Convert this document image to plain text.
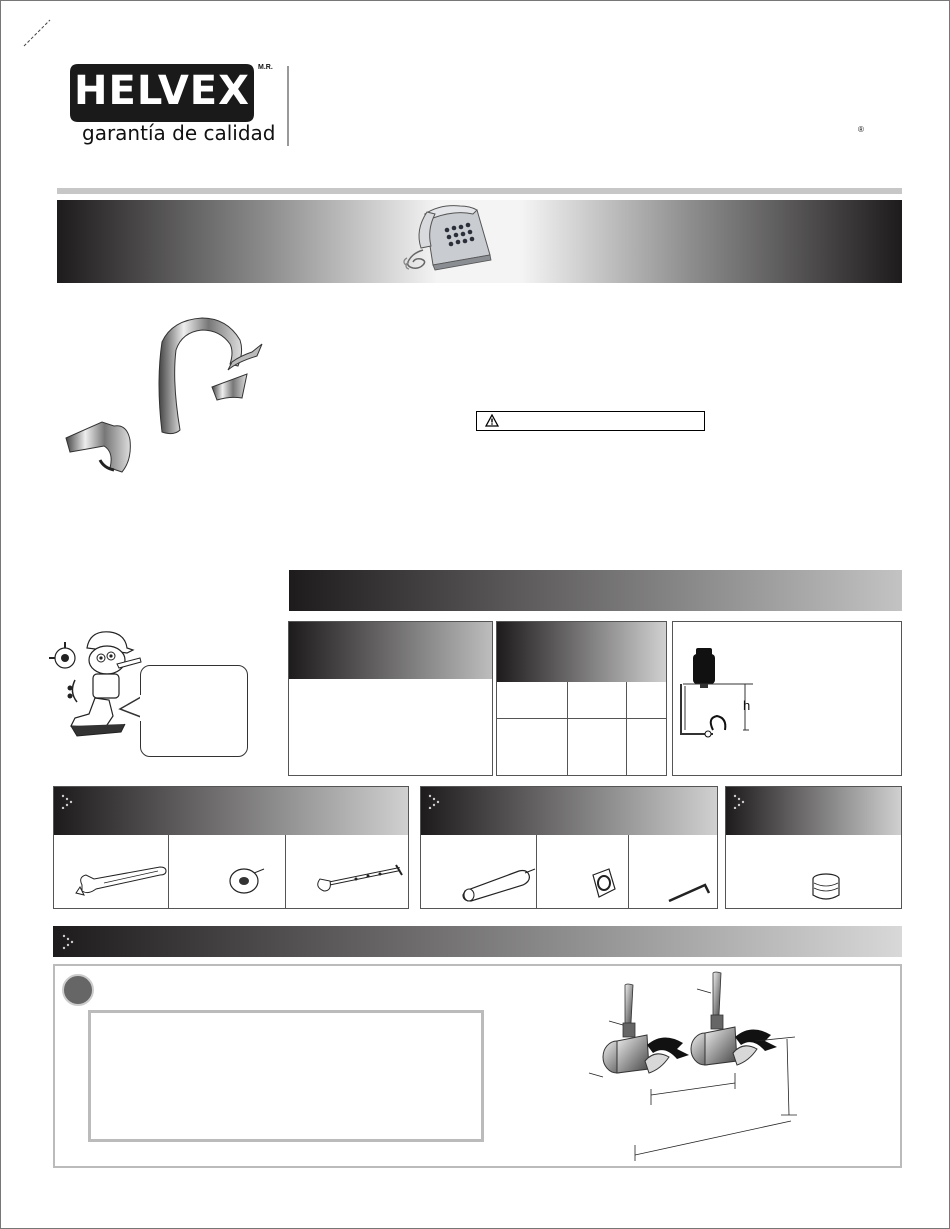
HELVEX
M.R.
garantía de calidad	®
h
